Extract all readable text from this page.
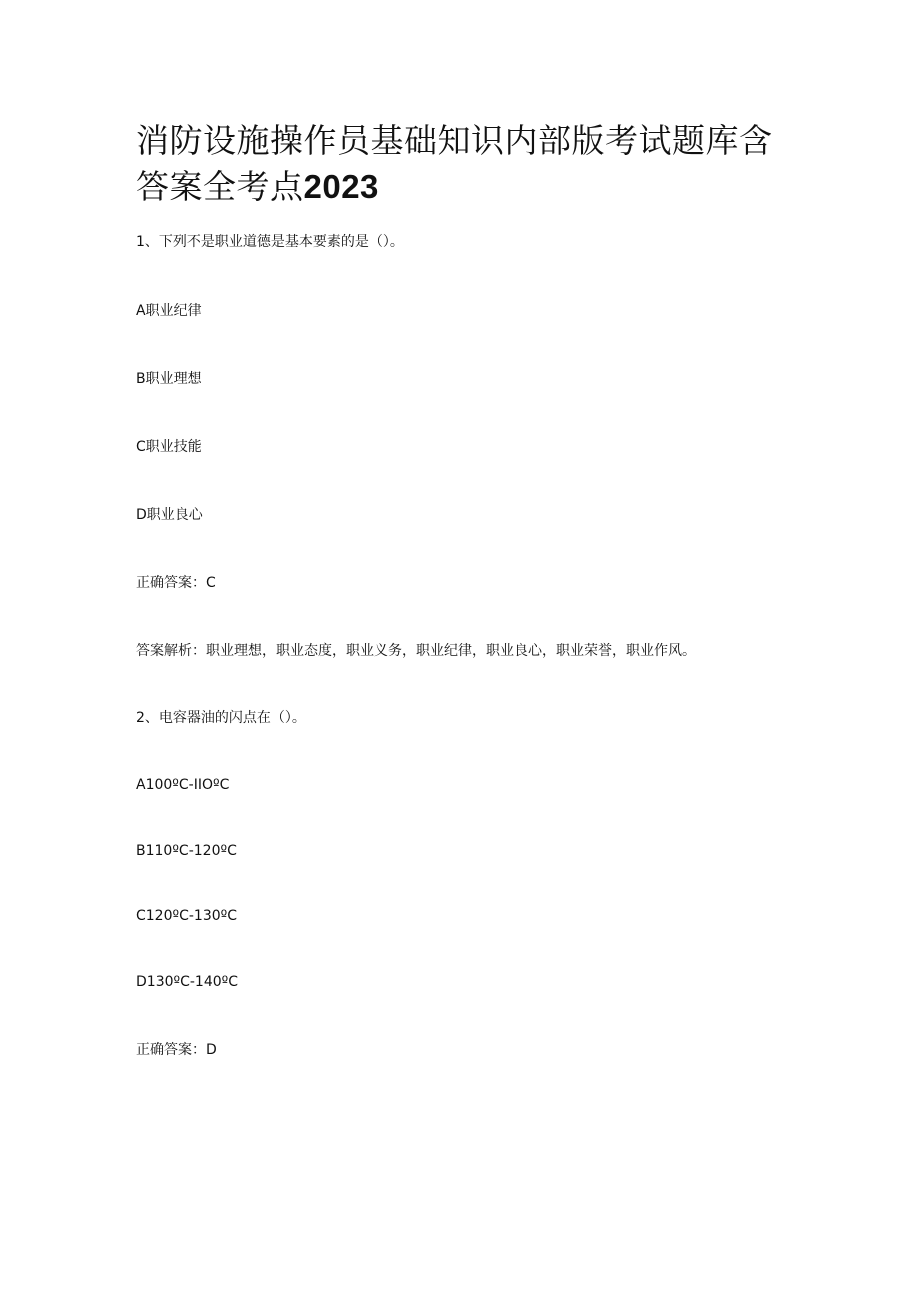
消防设施操作员基础知识内部版考试题库含答案全考点2023
1、下列不是职业道德是基本要素的是（）。
A职业纪律
B职业理想
C职业技能
D职业良心
正确答案：C
答案解析：职业理想，职业态度，职业义务，职业纪律，职业良心，职业荣誉，职业作风。
2、电容器油的闪点在（）。
A100ºC-IIOºC
B110ºC-120ºC
C120ºC-130ºC
D130ºC-140ºC
正确答案：D
